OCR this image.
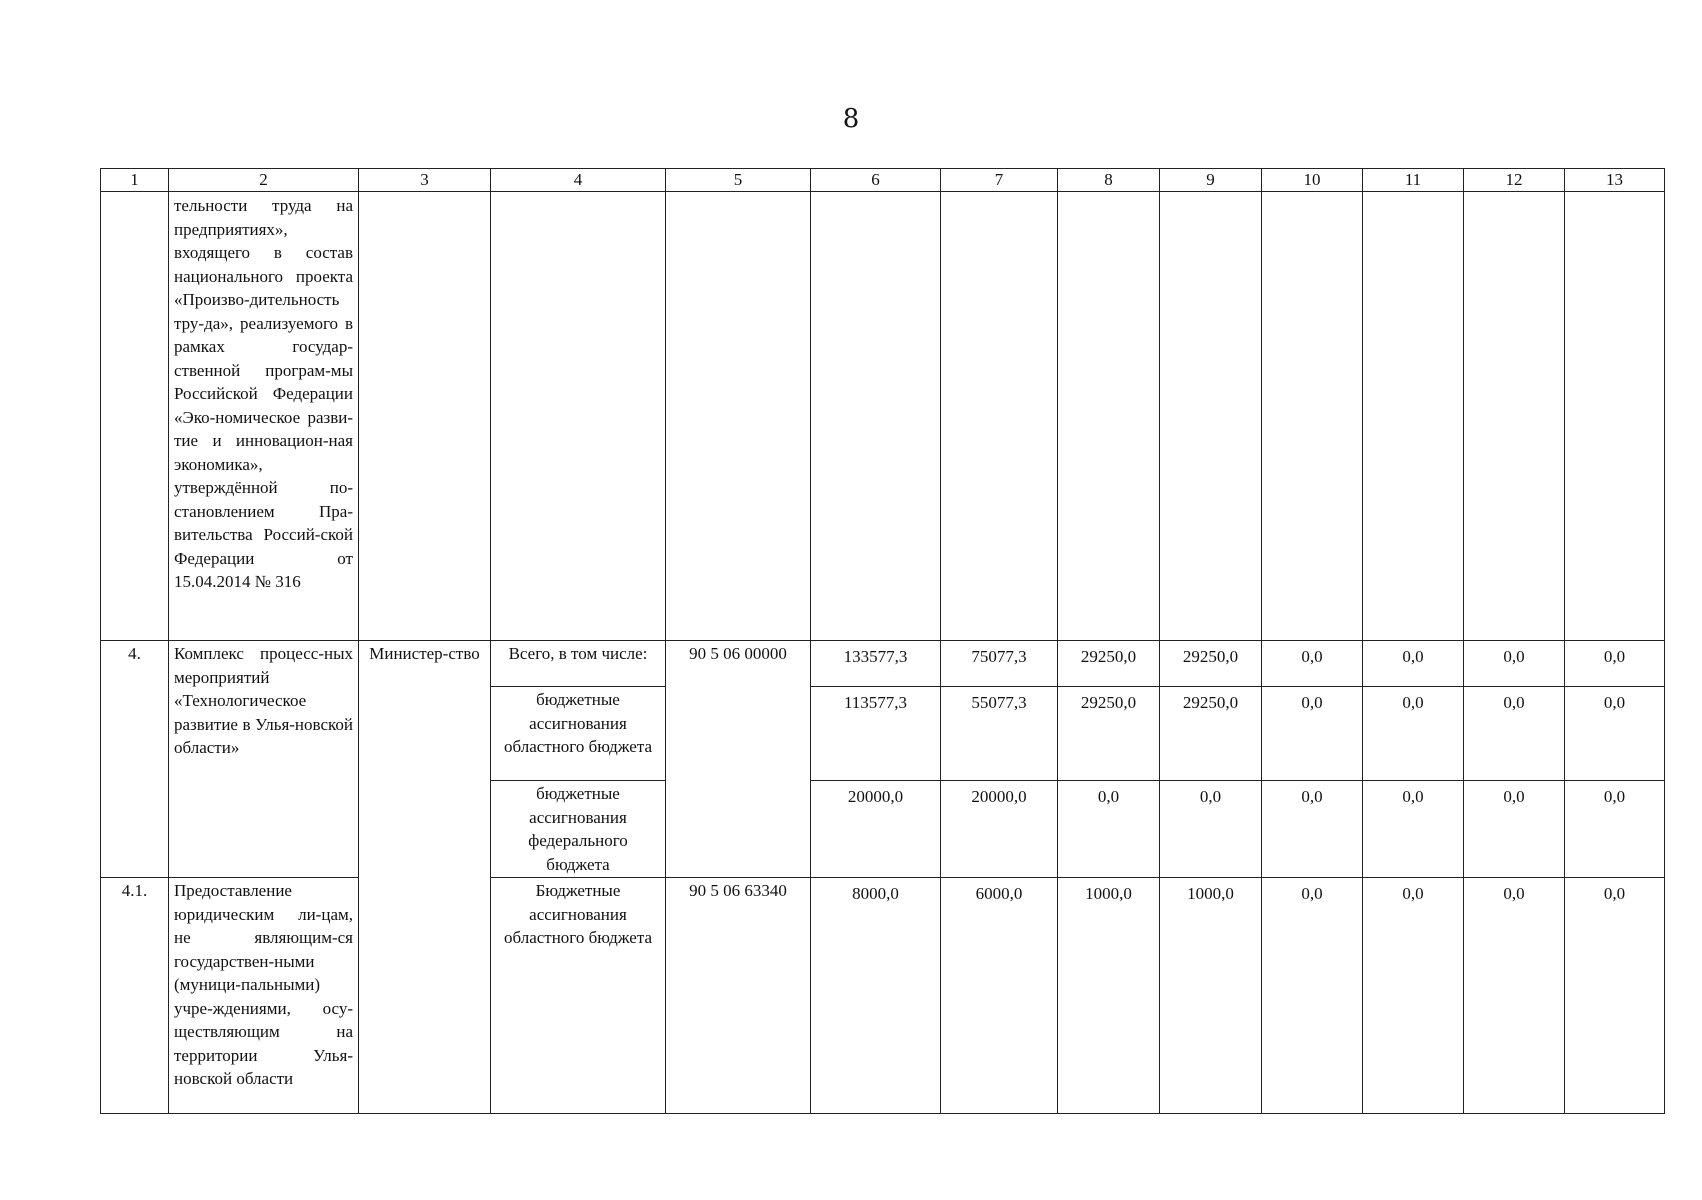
8
1	2	3	4	5	6	7	8	9	10	11	12	13
	тельности труда на предприятиях», входящего в состав национального проекта «Произво-дительность тру-да», реализуемого в рамках государ-ственной програм-мы Российской Федерации «Эко-номическое разви-тие и инновацион-ная экономика», утверждённой по-становлением Пра-вительства Россий-ской Федерации от 15.04.2014 № 316											
4.	Комплекс процесс-ных мероприятий «Технологическое развитие в Улья-новской области»	Министер-ство	Всего, в том числе:	90 5 06 00000	133577,3	75077,3	29250,0	29250,0	0,0	0,0	0,0	0,0
			бюджетные ассигнования областного бюджета		113577,3	55077,3	29250,0	29250,0	0,0	0,0	0,0	0,0
			бюджетные ассигнования федерального бюджета		20000,0	20000,0	0,0	0,0	0,0	0,0	0,0	0,0
4.1.	Предоставление юридическим ли-цам, не являющим-ся государствен-ными (муници-пальными) учре-ждениями, осу-ществляющим на территории Улья-новской области		Бюджетные ассигнования областного бюджета	90 5 06 63340	8000,0	6000,0	1000,0	1000,0	0,0	0,0	0,0	0,0
